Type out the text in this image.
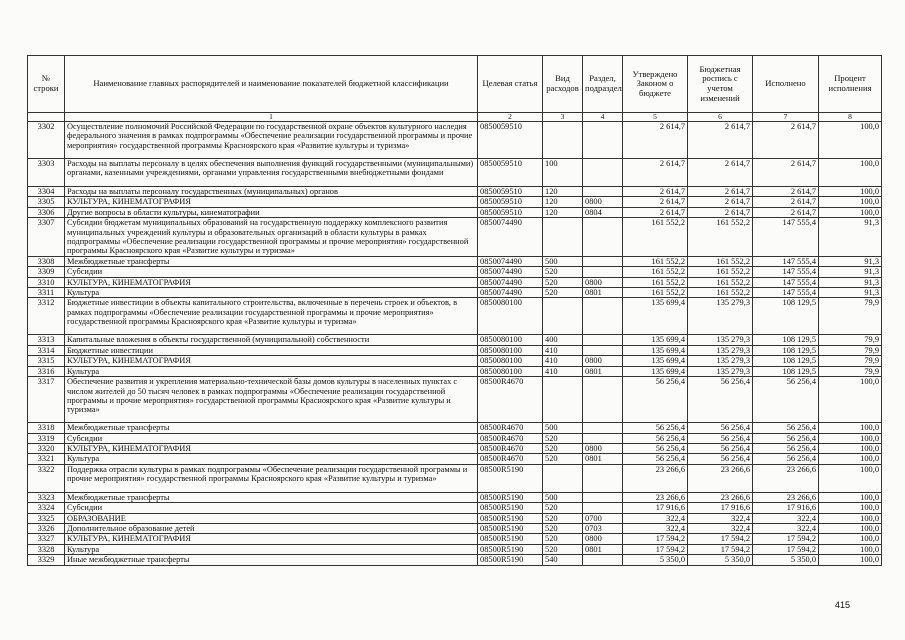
№ строки	Наименование главных распорядителей и наименование показателей бюджетной классификации	Целевая статья	Вид расходов	Раздел, подраздел	Утверждено Законом о бюджете	Бюджетная роспись с учетом изменений	Исполнено	Процент исполнения
	1	2	3	4	5	6	7	8
3302	Осуществление полномочий Российской Федерации по государственной охране объектов культурного наследия федерального значения в рамках подпрограммы «Обеспечение реализации государственной программы и прочие мероприятия» государственной программы Красноярского края «Развитие культуры и туризма»	0850059510			2 614,7	2 614,7	2 614,7	100,0
3303	Расходы на выплаты персоналу в целях обеспечения выполнения функций государственными (муниципальными) органами, казенными учреждениями, органами управления государственными внебюджетными фондами	0850059510	100		2 614,7	2 614,7	2 614,7	100,0
3304	Расходы на выплаты персоналу государственных (муниципальных) органов	0850059510	120		2 614,7	2 614,7	2 614,7	100,0
3305	КУЛЬТУРА, КИНЕМАТОГРАФИЯ	0850059510	120	0800	2 614,7	2 614,7	2 614,7	100,0
3306	Другие вопросы в области культуры, кинематографии	0850059510	120	0804	2 614,7	2 614,7	2 614,7	100,0
3307	Субсидии бюджетам муниципальных образований на государственную поддержку комплексного развития муниципальных учреждений культуры и образовательных организаций в области культуры в рамках подпрограммы «Обеспечение реализации государственной программы и прочие мероприятия» государственной программы Красноярского края «Развитие культуры и туризма»	0850074490			161 552,2	161 552,2	147 555,4	91,3
3308	Межбюджетные трансферты	0850074490	500		161 552,2	161 552,2	147 555,4	91,3
3309	Субсидии	0850074490	520		161 552,2	161 552,2	147 555,4	91,3
3310	КУЛЬТУРА, КИНЕМАТОГРАФИЯ	0850074490	520	0800	161 552,2	161 552,2	147 555,4	91,3
3311	Культура	0850074490	520	0801	161 552,2	161 552,2	147 555,4	91,3
3312	Бюджетные инвестиции в объекты капитального строительства, включенные в перечень строек и объектов, в рамках подпрограммы «Обеспечение реализации государственной программы и прочие мероприятия» государственной программы Красноярского края «Развитие культуры и туризма»	0850080100			135 699,4	135 279,3	108 129,5	79,9
3313	Капитальные вложения в объекты государственной (муниципальной) собственности	0850080100	400		135 699,4	135 279,3	108 129,5	79,9
3314	Бюджетные инвестиции	0850080100	410		135 699,4	135 279,3	108 129,5	79,9
3315	КУЛЬТУРА, КИНЕМАТОГРАФИЯ	0850080100	410	0800	135 699,4	135 279,3	108 129,5	79,9
3316	Культура	0850080100	410	0801	135 699,4	135 279,3	108 129,5	79,9
3317	Обеспечение развития и укрепления материально-технической базы домов культуры в населенных пунктах с числом жителей до 50 тысяч человек в рамках подпрограммы «Обеспечение реализации государственной программы и прочие мероприятия» государственной программы Красноярского края «Развитие культуры и туризма»	08500R4670			56 256,4	56 256,4	56 256,4	100,0
3318	Межбюджетные трансферты	08500R4670	500		56 256,4	56 256,4	56 256,4	100,0
3319	Субсидии	08500R4670	520		56 256,4	56 256,4	56 256,4	100,0
3320	КУЛЬТУРА, КИНЕМАТОГРАФИЯ	08500R4670	520	0800	56 256,4	56 256,4	56 256,4	100,0
3321	Культура	08500R4670	520	0801	56 256,4	56 256,4	56 256,4	100,0
3322	Поддержка отрасли культуры в рамках подпрограммы «Обеспечение реализации государственной программы и прочие мероприятия» государственной программы Красноярского края «Развитие культуры и туризма»	08500R5190			23 266,6	23 266,6	23 266,6	100,0
3323	Межбюджетные трансферты	08500R5190	500		23 266,6	23 266,6	23 266,6	100,0
3324	Субсидии	08500R5190	520		17 916,6	17 916,6	17 916,6	100,0
3325	ОБРАЗОВАНИЕ	08500R5190	520	0700	322,4	322,4	322,4	100,0
3326	Дополнительное образование детей	08500R5190	520	0703	322,4	322,4	322,4	100,0
3327	КУЛЬТУРА, КИНЕМАТОГРАФИЯ	08500R5190	520	0800	17 594,2	17 594,2	17 594,2	100,0
3328	Культура	08500R5190	520	0801	17 594,2	17 594,2	17 594,2	100,0
3329	Иные межбюджетные трансферты	08500R5190	540		5 350,0	5 350,0	5 350,0	100,0
415
